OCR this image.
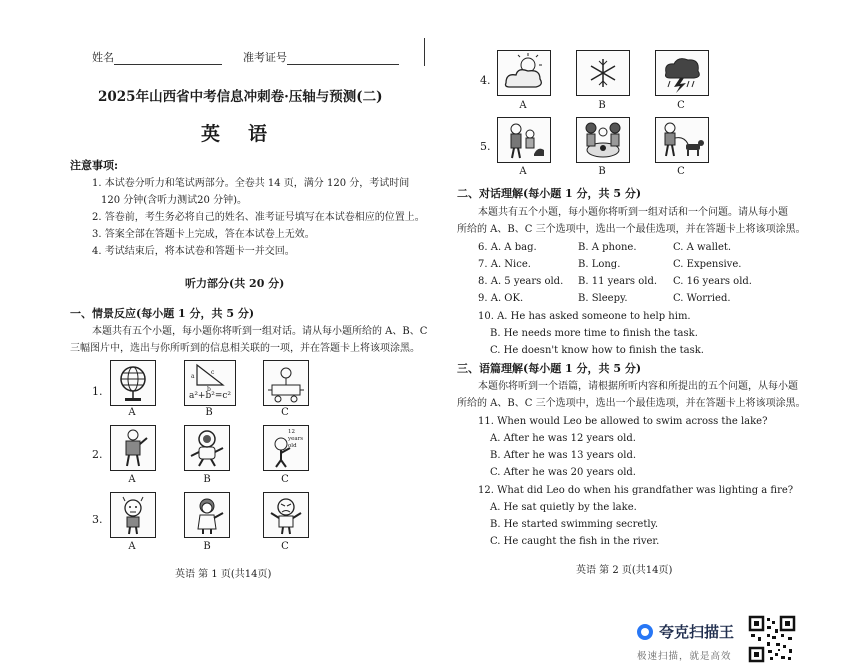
姓名	准考证号
2025年山西省中考信息冲刺卷·压轴与预测(二)
英语
注意事项:
1. 本试卷分听力和笔试两部分。全卷共 14 页，满分 120 分，考试时间
120 分钟(含听力测试20 分钟)。
2. 答卷前，考生务必将自己的姓名、准考证号填写在本试卷相应的位置上。
3. 答案全部在答题卡上完成，答在本试卷上无效。
4. 考试结束后，将本试卷和答题卡一并交回。
听力部分(共 20 分)
一、情景反应(每小题 1 分，共 5 分)
本题共有五个小题，每小题你将听到一组对话。请从每小题所给的 A、B、C
三幅图片中，选出与你所听到的信息相关联的一项，并在答题卡上将该项涂黑。
1.
a
b
c
a²+b²=c²
A	B	C
2.
12 years old
A	B	C
3.
A	B	C
英语 第 1 页(共14页)
4.
A	B	C
5.
A	B	C
二、对话理解(每小题 1 分，共 5 分)
本题共有五个小题，每小题你将听到一组对话和一个问题。请从每小题
所给的 A、B、C 三个选项中，选出一个最佳选项，并在答题卡上将该项涂黑。
6. A. A bag.	B. A phone.	C. A wallet.
7. A. Nice.	B. Long.	C. Expensive.
8. A. 5 years old. B. 11 years old. C. 16 years old.
9. A. OK.	B. Sleepy.	C. Worried.
10. A. He has asked someone to help him.
B. He needs more time to finish the task.
C. He doesn't know how to finish the task.
三、语篇理解(每小题 1 分，共 5 分)
本题你将听到一个语篇，请根据所听内容和所提出的五个问题，从每小题
所给的 A、B、C 三个选项中，选出一个最佳选项，并在答题卡上将该项涂黑。
11. When would Leo be allowed to swim across the lake?
A. After he was 12 years old.
B. After he was 13 years old.
C. After he was 20 years old.
12. What did Leo do when his grandfather was lighting a fire?
A. He sat quietly by the lake.
B. He started swimming secretly.
C. He caught the fish in the river.
英语 第 2 页(共14页)
夸克扫描王
极速扫描，就是高效
